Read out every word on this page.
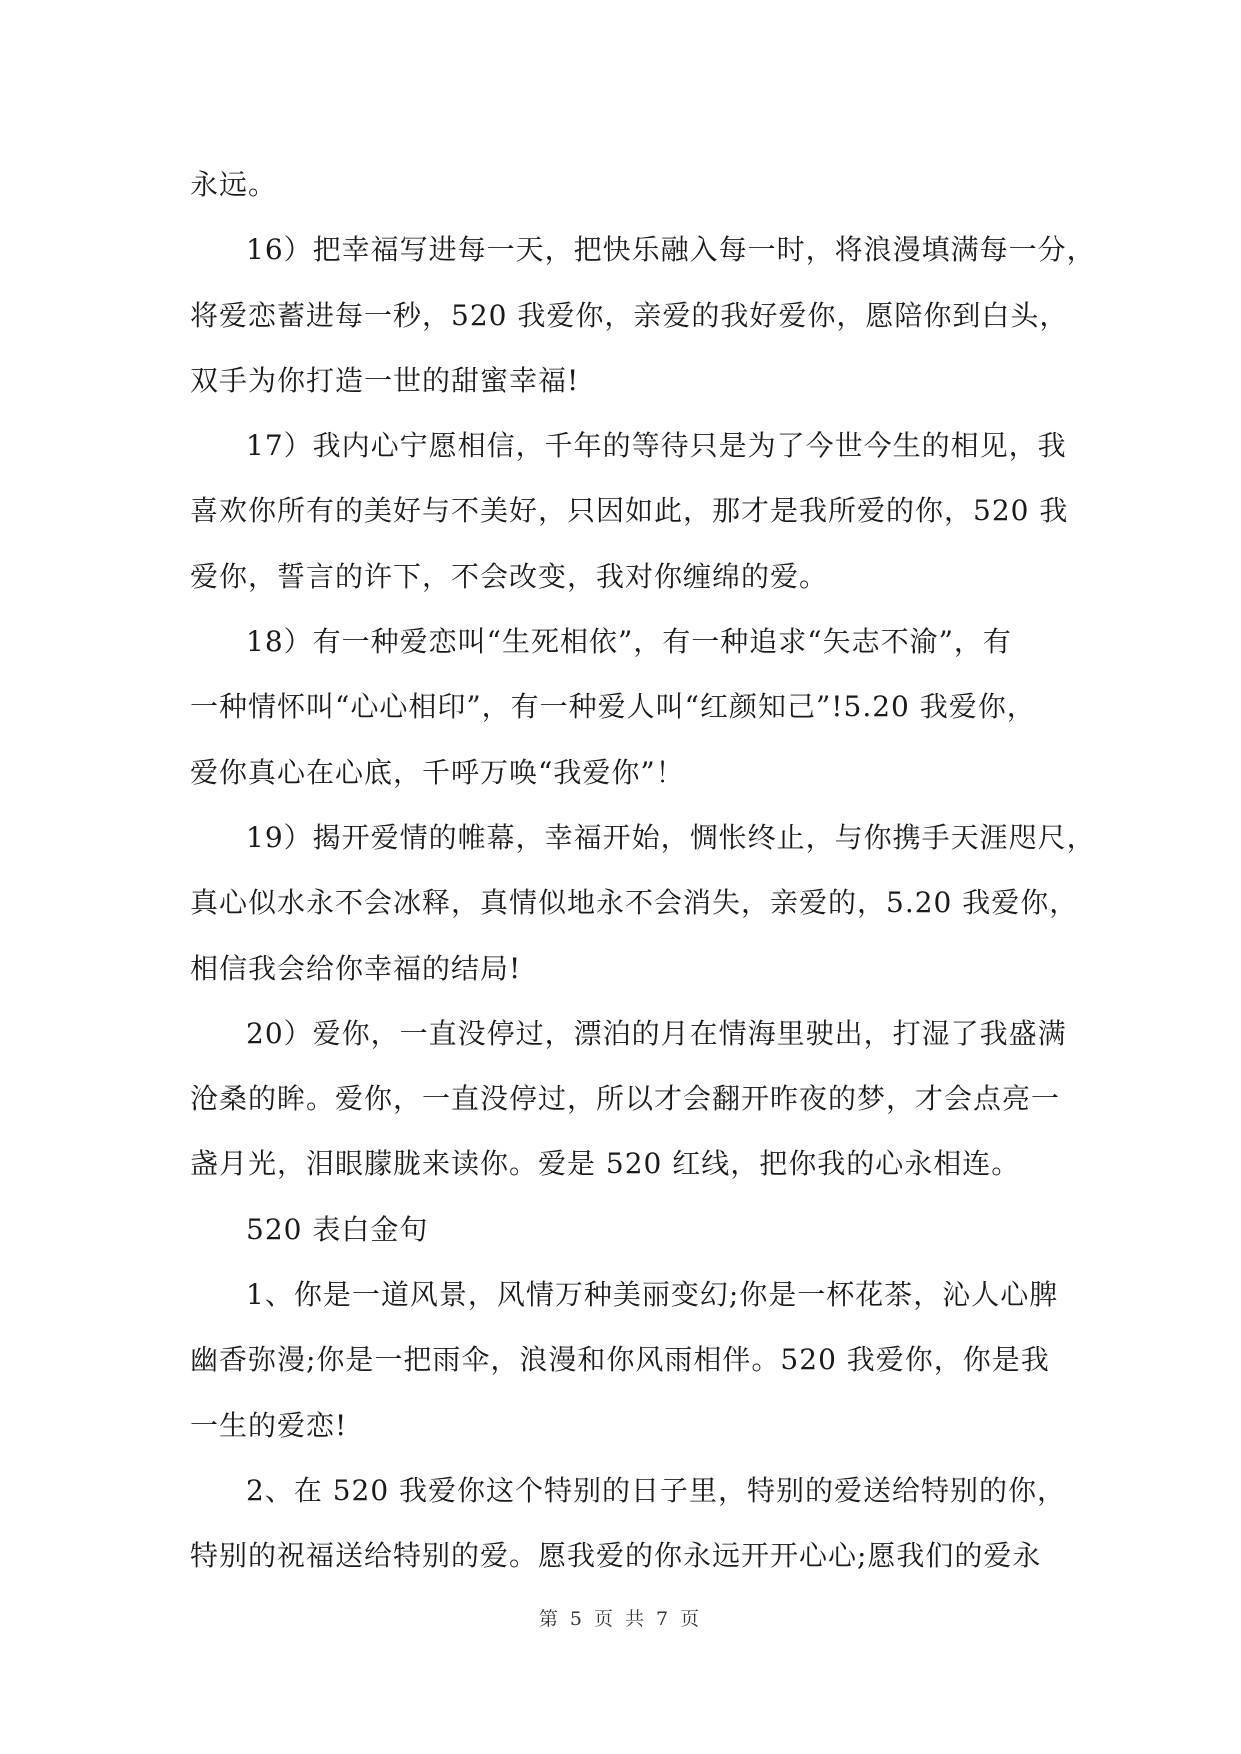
永远。
16）把幸福写进每一天，把快乐融入每一时，将浪漫填满每一分，
将爱恋蓄进每一秒，520 我爱你，亲爱的我好爱你，愿陪你到白头，
双手为你打造一世的甜蜜幸福!
17）我内心宁愿相信，千年的等待只是为了今世今生的相见，我
喜欢你所有的美好与不美好，只因如此，那才是我所爱的你，520 我
爱你，誓言的许下，不会改变，我对你缠绵的爱。
18）有一种爱恋叫“生死相依”，有一种追求“矢志不渝”，有
一种情怀叫“心心相印”，有一种爱人叫“红颜知己”!5.20 我爱你，
爱你真心在心底，千呼万唤“我爱你”！
19）揭开爱情的帷幕，幸福开始，惆怅终止，与你携手天涯咫尺，
真心似水永不会冰释，真情似地永不会消失，亲爱的，5.20 我爱你，
相信我会给你幸福的结局!
20）爱你，一直没停过，漂泊的月在情海里驶出，打湿了我盛满
沧桑的眸。爱你，一直没停过，所以才会翻开昨夜的梦，才会点亮一
盏月光，泪眼朦胧来读你。爱是 520 红线，把你我的心永相连。
520 表白金句
1、你是一道风景，风情万种美丽变幻;你是一杯花茶，沁人心脾
幽香弥漫;你是一把雨伞，浪漫和你风雨相伴。520 我爱你，你是我
一生的爱恋!
2、在 520 我爱你这个特别的日子里，特别的爱送给特别的你，
特别的祝福送给特别的爱。愿我爱的你永远开开心心;愿我们的爱永
第 5 页 共 7 页
